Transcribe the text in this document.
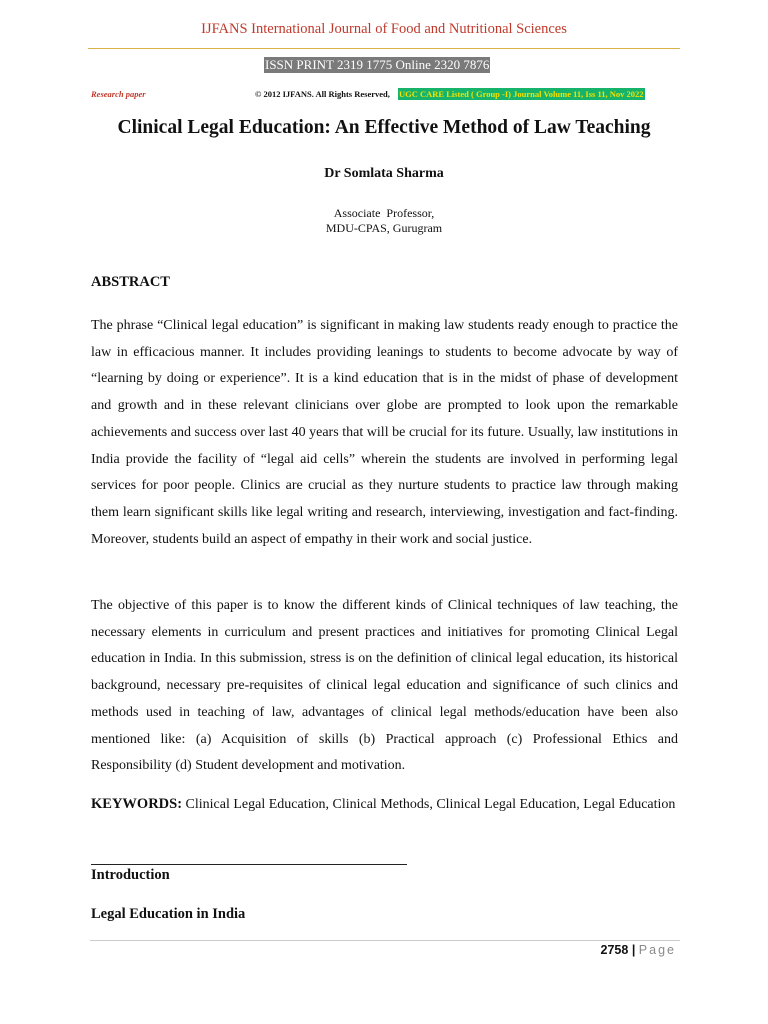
IJFANS International Journal of Food and Nutritional Sciences
ISSN PRINT 2319 1775 Online 2320 7876
Research paper	© 2012 IJFANS. All Rights Reserved, UGC CARE Listed ( Group -I) Journal Volume 11, Iss 11, Nov 2022
Clinical Legal Education: An Effective Method of Law Teaching
Dr Somlata Sharma
Associate  Professor,
MDU-CPAS, Gurugram
ABSTRACT
The phrase “Clinical legal education” is significant in making law students ready enough to practice the law in efficacious manner. It includes providing leanings to students to become advocate by way of “learning by doing or experience”. It is a kind education that is in the midst of phase of development and growth and in these relevant clinicians over globe are prompted to look upon the remarkable achievements and success over last 40 years that will be crucial for its future. Usually, law institutions in India provide the facility of “legal aid cells” wherein the students are involved in performing legal services for poor people. Clinics are crucial as they nurture students to practice law through making them learn significant skills like legal writing and research, interviewing, investigation and fact-finding. Moreover, students build an aspect of empathy in their work and social justice.
The objective of this paper is to know the different kinds of Clinical techniques of law teaching, the necessary elements in curriculum and present practices and initiatives for promoting Clinical Legal education in India. In this submission, stress is on the definition of clinical legal education, its historical background, necessary pre-requisites of clinical legal education and significance of such clinics and methods used in teaching of law, advantages of clinical legal methods/education have been also mentioned like: (a) Acquisition of skills (b) Practical approach (c) Professional Ethics and Responsibility (d) Student development and motivation.
KEYWORDS: Clinical Legal Education, Clinical Methods, Clinical Legal Education, Legal Education
Introduction
Legal Education in India
2758 | Page
